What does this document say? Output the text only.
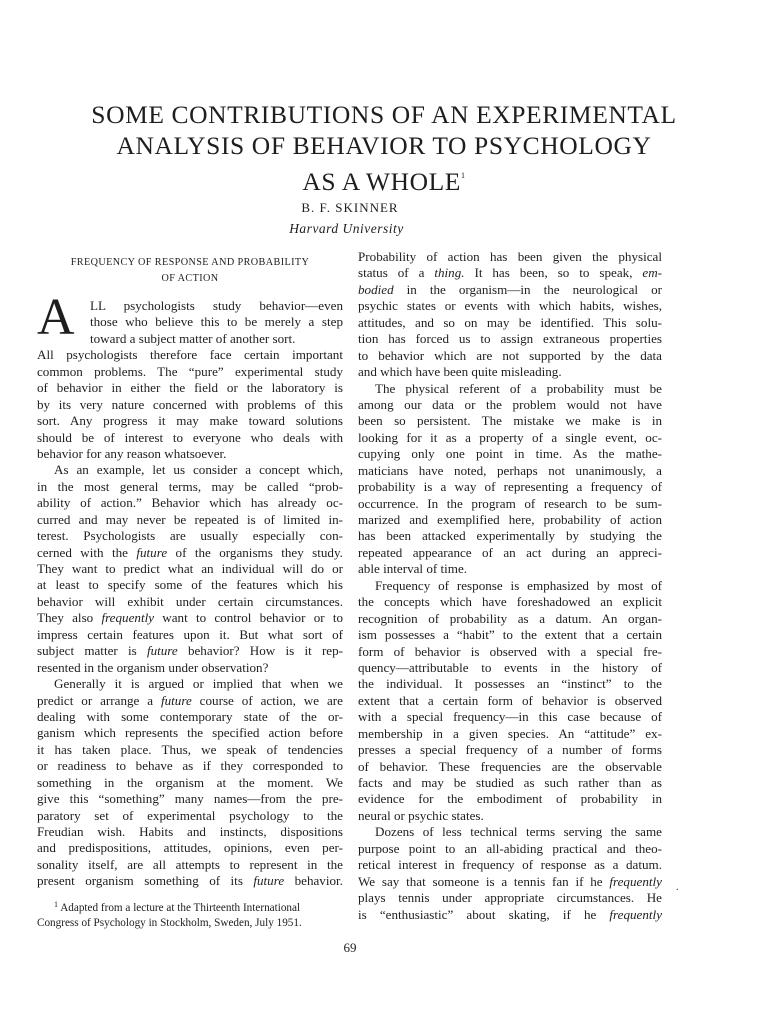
SOME CONTRIBUTIONS OF AN EXPERIMENTAL
ANALYSIS OF BEHAVIOR TO PSYCHOLOGY
AS A WHOLE$^1$
B. F. SKINNER
Harvard University
FREQUENCY OF RESPONSE AND PROBABILITY
OF ACTION
LL psychologists study behavior—even
those who believe this to be merely a step
toward a subject matter of another sort.
All psychologists therefore face certain important
common problems. The “pure” experimental study
of behavior in either the field or the laboratory is
by its very nature concerned with problems of this
sort. Any progress it may make toward solutions
should be of interest to everyone who deals with
behavior for any reason whatsoever.
As an example, let us consider a concept which,
in the most general terms, may be called “prob-
ability of action.” Behavior which has already oc-
curred and may never be repeated is of limited in-
terest. Psychologists are usually especially con-
cerned with the future of the organisms they study.
They want to predict what an individual will do or
at least to specify some of the features which his
behavior will exhibit under certain circumstances.
They also frequently want to control behavior or to
impress certain features upon it. But what sort of
subject matter is future behavior? How is it rep-
resented in the organism under observation?
Generally it is argued or implied that when we
predict or arrange a future course of action, we are
dealing with some contemporary state of the or-
ganism which represents the specified action before
it has taken place. Thus, we speak of tendencies
or readiness to behave as if they corresponded to
something in the organism at the moment. We
give this “something” many names—from the pre-
paratory set of experimental psychology to the
Freudian wish. Habits and instincts, dispositions
and predispositions, attitudes, opinions, even per-
sonality itself, are all attempts to represent in the
present organism something of its future behavior.
$^1$ Adapted from a lecture at the Thirteenth International
Congress of Psychology in Stockholm, Sweden, July 1951.
A
Probability of action has been given the physical
status of a thing. It has been, so to speak, em-
bodied in the organism—in the neurological or
psychic states or events with which habits, wishes,
attitudes, and so on may be identified. This solu-
tion has forced us to assign extraneous properties
to behavior which are not supported by the data
and which have been quite misleading.
The physical referent of a probability must be
among our data or the problem would not have
been so persistent. The mistake we make is in
looking for it as a property of a single event, oc-
cupying only one point in time. As the mathe-
maticians have noted, perhaps not unanimously, a
probability is a way of representing a frequency of
occurrence. In the program of research to be sum-
marized and exemplified here, probability of action
has been attacked experimentally by studying the
repeated appearance of an act during an appreci-
able interval of time.
Frequency of response is emphasized by most of
the concepts which have foreshadowed an explicit
recognition of probability as a datum. An organ-
ism possesses a “habit” to the extent that a certain
form of behavior is observed with a special fre-
quency—attributable to events in the history of
the individual. It possesses an “instinct” to the
extent that a certain form of behavior is observed
with a special frequency—in this case because of
membership in a given species. An “attitude” ex-
presses a special frequency of a number of forms
of behavior. These frequencies are the observable
facts and may be studied as such rather than as
evidence for the embodiment of probability in
neural or psychic states.
Dozens of less technical terms serving the same
purpose point to an all-abiding practical and theo-
retical interest in frequency of response as a datum.
We say that someone is a tennis fan if he frequently
plays tennis under appropriate circumstances. He
is “enthusiastic” about skating, if he frequently
69
.
